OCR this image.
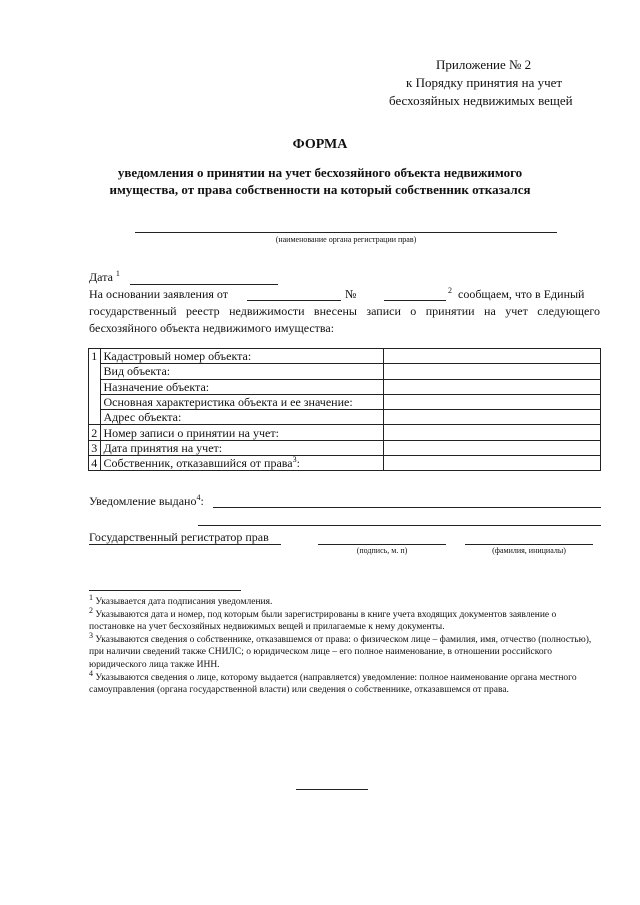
Приложение № 2
к Порядку принятия на учет
бесхозяйных недвижимых вещей
ФОРМА
уведомления о принятии на учет бесхозяйного объекта недвижимого
имущества, от права собственности на который собственник отказался
(наименование органа регистрации прав)
Дата $^1$
На основании заявления от	№	$^2$ сообщаем, что в Единый
государственный реестр недвижимости внесены записи о принятии на учет следующего
бесхозяйного объекта недвижимого имущества:
1	Кадастровый номер объекта:	
	Вид объекта:	
	Назначение объекта:	
	Основная характеристика объекта и ее значение:	
	Адрес объекта:	
2	Номер записи о принятии на учет:	
3	Дата принятия на учет:	
4	Собственник, отказавшийся от права$^3$:	
Уведомление выдано$^4$:
Государственный регистратор прав
(подпись, м. п)	(фамилия, инициалы)
$^1$ Указывается дата подписания уведомления.
$^2$ Указываются дата и номер, под которым были зарегистрированы в книге учета входящих документов заявление о постановке на учет бесхозяйных недвижимых вещей и прилагаемые к нему документы.
$^3$ Указываются сведения о собственнике, отказавшемся от права: о физическом лице – фамилия, имя, отчество (полностью), при наличии сведений также СНИЛС; о юридическом лице – его полное наименование, в отношении российского юридического лица также ИНН.
$^4$ Указываются сведения о лице, которому выдается (направляется) уведомление: полное наименование органа местного самоуправления (органа государственной власти) или сведения о собственнике, отказавшемся от права.
